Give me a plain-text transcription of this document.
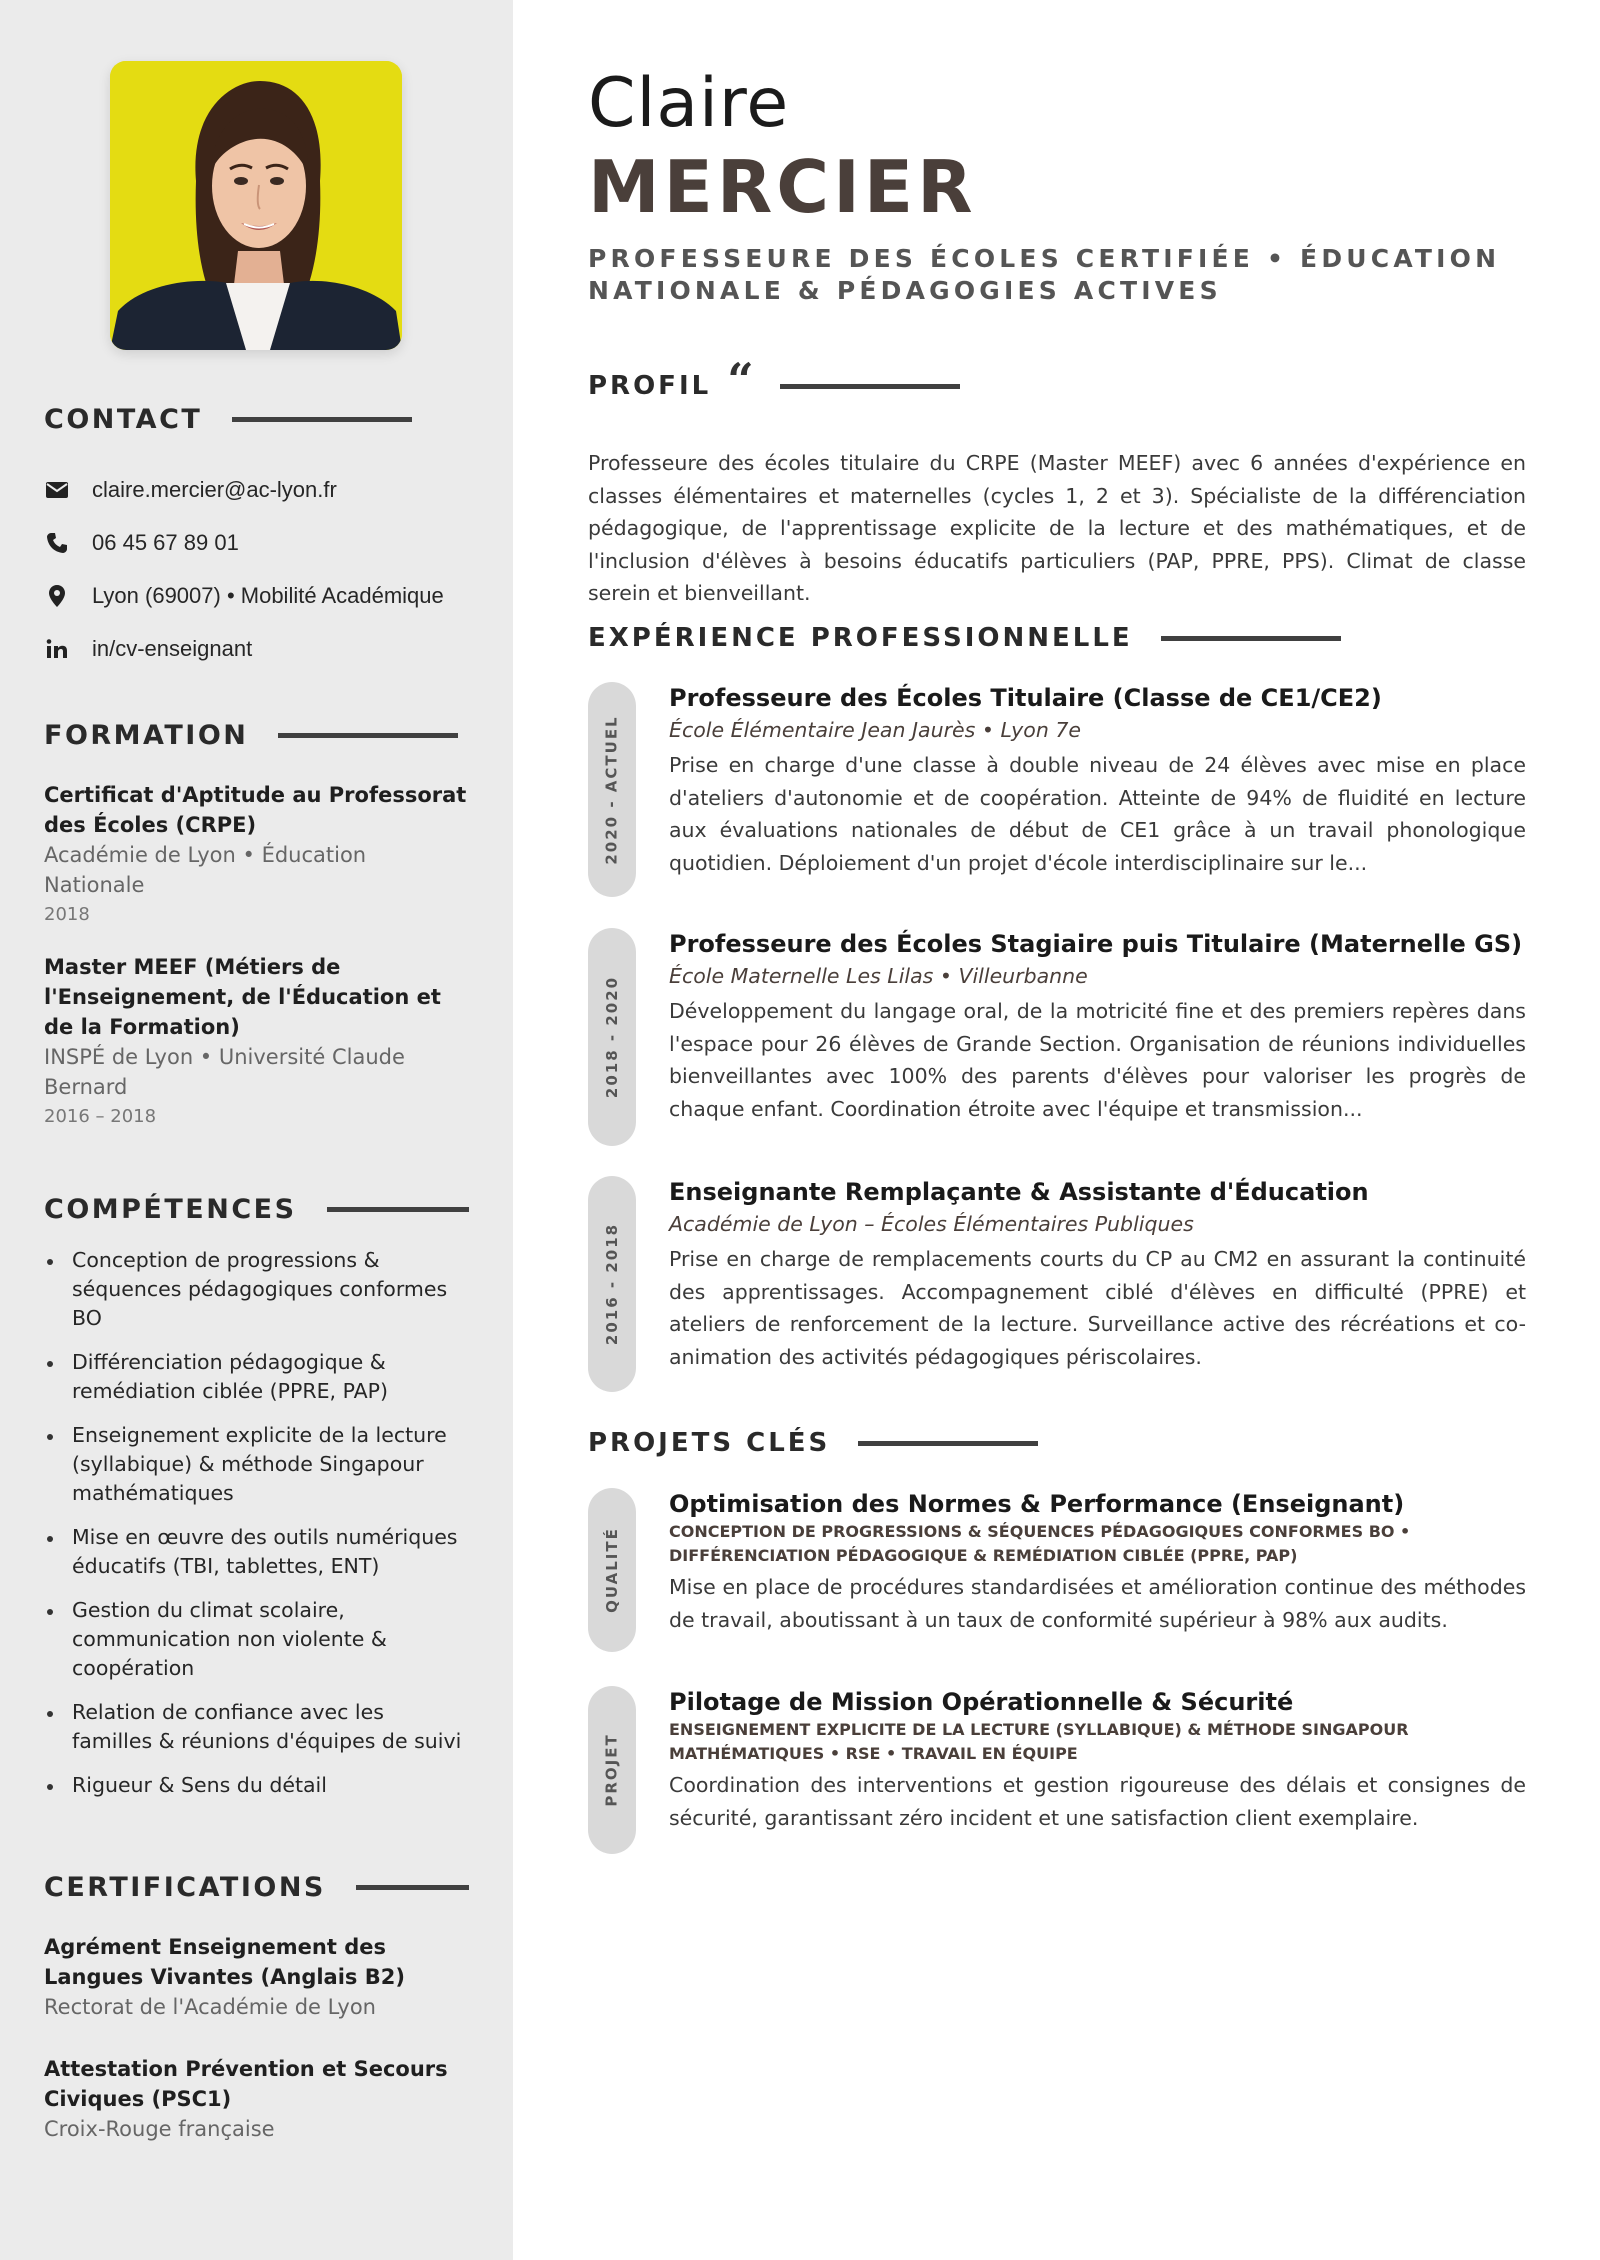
CONTACT
claire.mercier@ac-lyon.fr
06 45 67 89 01
Lyon (69007) • Mobilité Académique
in/cv-enseignant
FORMATION
Certificat d'Aptitude au Professorat des Écoles (CRPE)
Académie de Lyon • Éducation Nationale
2018
Master MEEF (Métiers de l'Enseignement, de l'Éducation et de la Formation)
INSPÉ de Lyon • Université Claude Bernard
2016 – 2018
COMPÉTENCES
Conception de progressions & séquences pédagogiques conformes BO
Différenciation pédagogique & remédiation ciblée (PPRE, PAP)
Enseignement explicite de la lecture (syllabique) & méthode Singapour mathématiques
Mise en œuvre des outils numériques éducatifs (TBI, tablettes, ENT)
Gestion du climat scolaire, communication non violente & coopération
Relation de confiance avec les familles & réunions d'équipes de suivi
Rigueur & Sens du détail
CERTIFICATIONS
Agrément Enseignement des Langues Vivantes (Anglais B2)
Rectorat de l'Académie de Lyon
Attestation Prévention et Secours Civiques (PSC1)
Croix-Rouge française
Claire
MERCIER
PROFESSEURE DES ÉCOLES CERTIFIÉE • ÉDUCATION NATIONALE & PÉDAGOGIES ACTIVES
PROFIL “
Professeure des écoles titulaire du CRPE (Master MEEF) avec 6 années d'expérience en classes élémentaires et maternelles (cycles 1, 2 et 3). Spécialiste de la différenciation pédagogique, de l'apprentissage explicite de la lecture et des mathématiques, et de l'inclusion d'élèves à besoins éducatifs particuliers (PAP, PPRE, PPS). Climat de classe serein et bienveillant.
EXPÉRIENCE PROFESSIONNELLE
2020 - ACTUEL
Professeure des Écoles Titulaire (Classe de CE1/CE2)
École Élémentaire Jean Jaurès • Lyon 7e
Prise en charge d'une classe à double niveau de 24 élèves avec mise en place d'ateliers d'autonomie et de coopération. Atteinte de 94% de fluidité en lecture aux évaluations nationales de début de CE1 grâce à un travail phonologique quotidien. Déploiement d'un projet d'école interdisciplinaire sur le...
2018 - 2020
Professeure des Écoles Stagiaire puis Titulaire (Maternelle GS)
École Maternelle Les Lilas • Villeurbanne
Développement du langage oral, de la motricité fine et des premiers repères dans l'espace pour 26 élèves de Grande Section. Organisation de réunions individuelles bienveillantes avec 100% des parents d'élèves pour valoriser les progrès de chaque enfant. Coordination étroite avec l'équipe et transmission...
2016 - 2018
Enseignante Remplaçante & Assistante d'Éducation
Académie de Lyon – Écoles Élémentaires Publiques
Prise en charge de remplacements courts du CP au CM2 en assurant la continuité des apprentissages. Accompagnement ciblé d'élèves en difficulté (PPRE) et ateliers de renforcement de la lecture. Surveillance active des récréations et co-animation des activités pédagogiques périscolaires.
PROJETS CLÉS
QUALITÉ
Optimisation des Normes & Performance (Enseignant)
CONCEPTION DE PROGRESSIONS & SÉQUENCES PÉDAGOGIQUES CONFORMES BO • DIFFÉRENCIATION PÉDAGOGIQUE & REMÉDIATION CIBLÉE (PPRE, PAP)
Mise en place de procédures standardisées et amélioration continue des méthodes de travail, aboutissant à un taux de conformité supérieur à 98% aux audits.
PROJET
Pilotage de Mission Opérationnelle & Sécurité
ENSEIGNEMENT EXPLICITE DE LA LECTURE (SYLLABIQUE) & MÉTHODE SINGAPOUR MATHÉMATIQUES • RSE • TRAVAIL EN ÉQUIPE
Coordination des interventions et gestion rigoureuse des délais et consignes de sécurité, garantissant zéro incident et une satisfaction client exemplaire.
